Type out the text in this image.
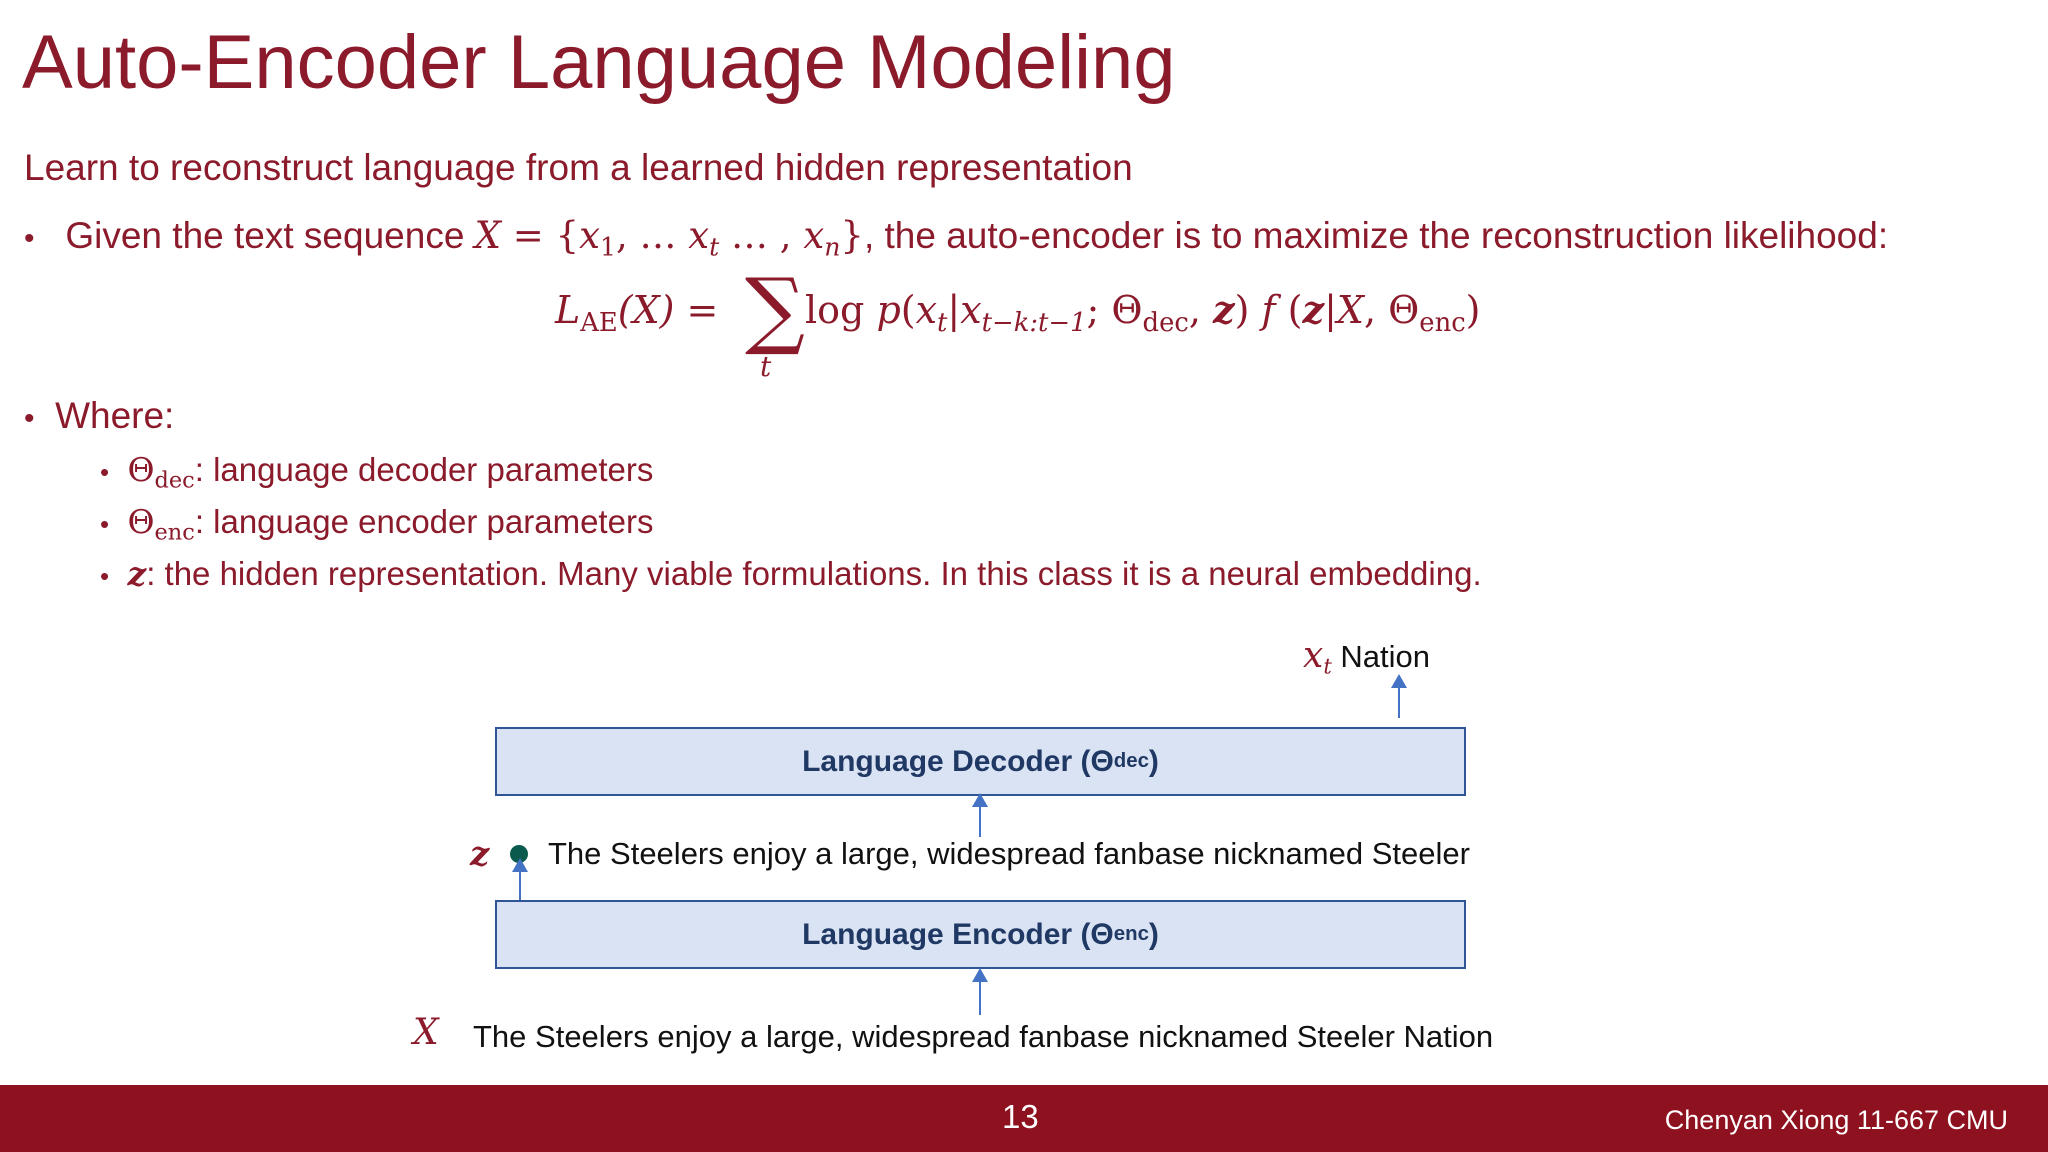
Auto-Encoder Language Modeling
Learn to reconstruct language from a learned hidden representation
• Given the text sequence $X = \{x_1$, … $x_t$ … , $x_n$}, the auto-encoder is to maximize the reconstruction likelihood:
$L_{AE}(X)$ = ∑
t
$\log p(x_t|x_{t-k:t-1}$; $\Theta_{dec}$, z) f (z|X, $\Theta_{enc}$)
• Where:
• $\Theta_{dec}$: language decoder parameters
• $\Theta_{enc}$: language encoder parameters
• z: the hidden representation. Many viable formulations. In this class it is a neural embedding.
$x_t$ Nation
Language Decoder (Θ dec )
z The Steelers enjoy a large, widespread fanbase nicknamed Steeler
Language Encoder (Θ enc )
X The Steelers enjoy a large, widespread fanbase nicknamed Steeler Nation
13	Chenyan Xiong 11-667 CMU
